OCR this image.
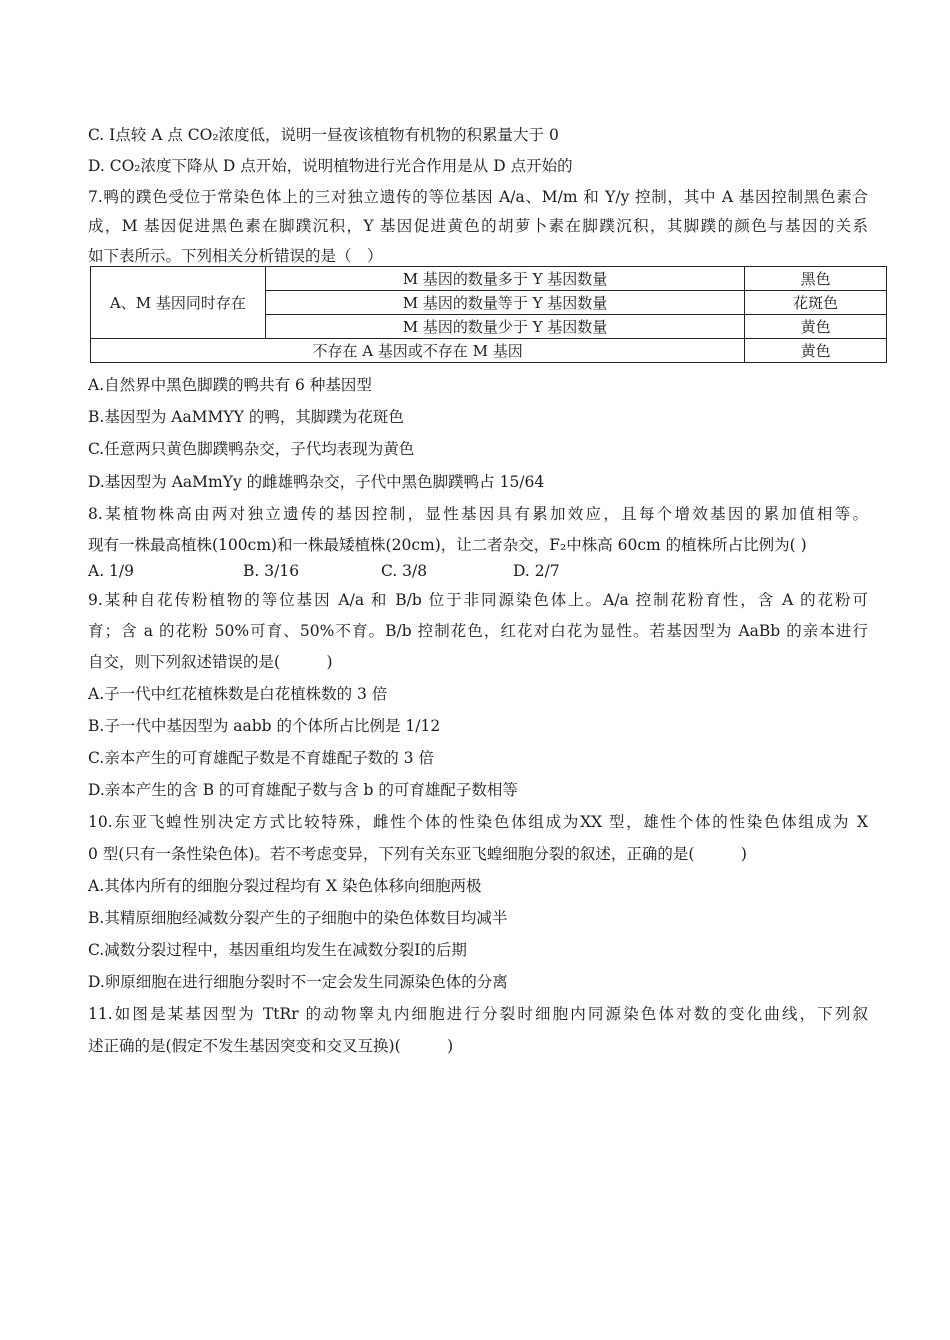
C. Ⅰ点较 A 点 CO₂浓度低，说明一昼夜该植物有机物的积累量大于 0
D. CO₂浓度下降从 D 点开始，说明植物进行光合作用是从 D 点开始的
7.鸭的蹼色受位于常染色体上的三对独立遗传的等位基因 A/a、M/m 和 Y/y 控制，其中 A 基因控制黑色素合
成，M 基因促进黑色素在脚蹼沉积，Y 基因促进黄色的胡萝卜素在脚蹼沉积，其脚蹼的颜色与基因的关系
如下表所示。下列相关分析错误的是（　）
A、M 基因同时存在	M 基因的数量多于 Y 基因数量	黑色
	M 基因的数量等于 Y 基因数量	花斑色
	M 基因的数量少于 Y 基因数量	黄色
不存在 A 基因或不存在 M 基因		黄色
A.自然界中黑色脚蹼的鸭共有 6 种基因型
B.基因型为 AaMMYY 的鸭，其脚蹼为花斑色
C.任意两只黄色脚蹼鸭杂交，子代均表现为黄色
D.基因型为 AaMmYy 的雌雄鸭杂交，子代中黑色脚蹼鸭占 15/64
8.某植物株高由两对独立遗传的基因控制，显性基因具有累加效应，且每个增效基因的累加值相等。
现有一株最高植株(100cm)和一株最矮植株(20cm)，让二者杂交，F₂中株高 60cm 的植株所占比例为( )
A. 1/9	B. 3/16	C. 3/8	D. 2/7
9.某种自花传粉植物的等位基因 A/a 和 B/b 位于非同源染色体上。A/a 控制花粉育性，含 A 的花粉可
育；含 a 的花粉 50%可育、50%不育。B/b 控制花色，红花对白花为显性。若基因型为 AaBb 的亲本进行
自交，则下列叙述错误的是(　　　)
A.子一代中红花植株数是白花植株数的 3 倍
B.子一代中基因型为 aabb 的个体所占比例是 1/12
C.亲本产生的可育雄配子数是不育雄配子数的 3 倍
D.亲本产生的含 B 的可育雄配子数与含 b 的可育雄配子数相等
10.东亚飞蝗性别决定方式比较特殊，雌性个体的性染色体组成为XX 型，雄性个体的性染色体组成为 X
0 型(只有一条性染色体)。若不考虑变异，下列有关东亚飞蝗细胞分裂的叙述，正确的是(　　　)
A.其体内所有的细胞分裂过程均有 X 染色体移向细胞两极
B.其精原细胞经减数分裂产生的子细胞中的染色体数目均减半
C.减数分裂过程中，基因重组均发生在减数分裂Ⅰ的后期
D.卵原细胞在进行细胞分裂时不一定会发生同源染色体的分离
11.如图是某基因型为 TtRr 的动物睾丸内细胞进行分裂时细胞内同源染色体对数的变化曲线，下列叙
述正确的是(假定不发生基因突变和交叉互换)(　　　)
